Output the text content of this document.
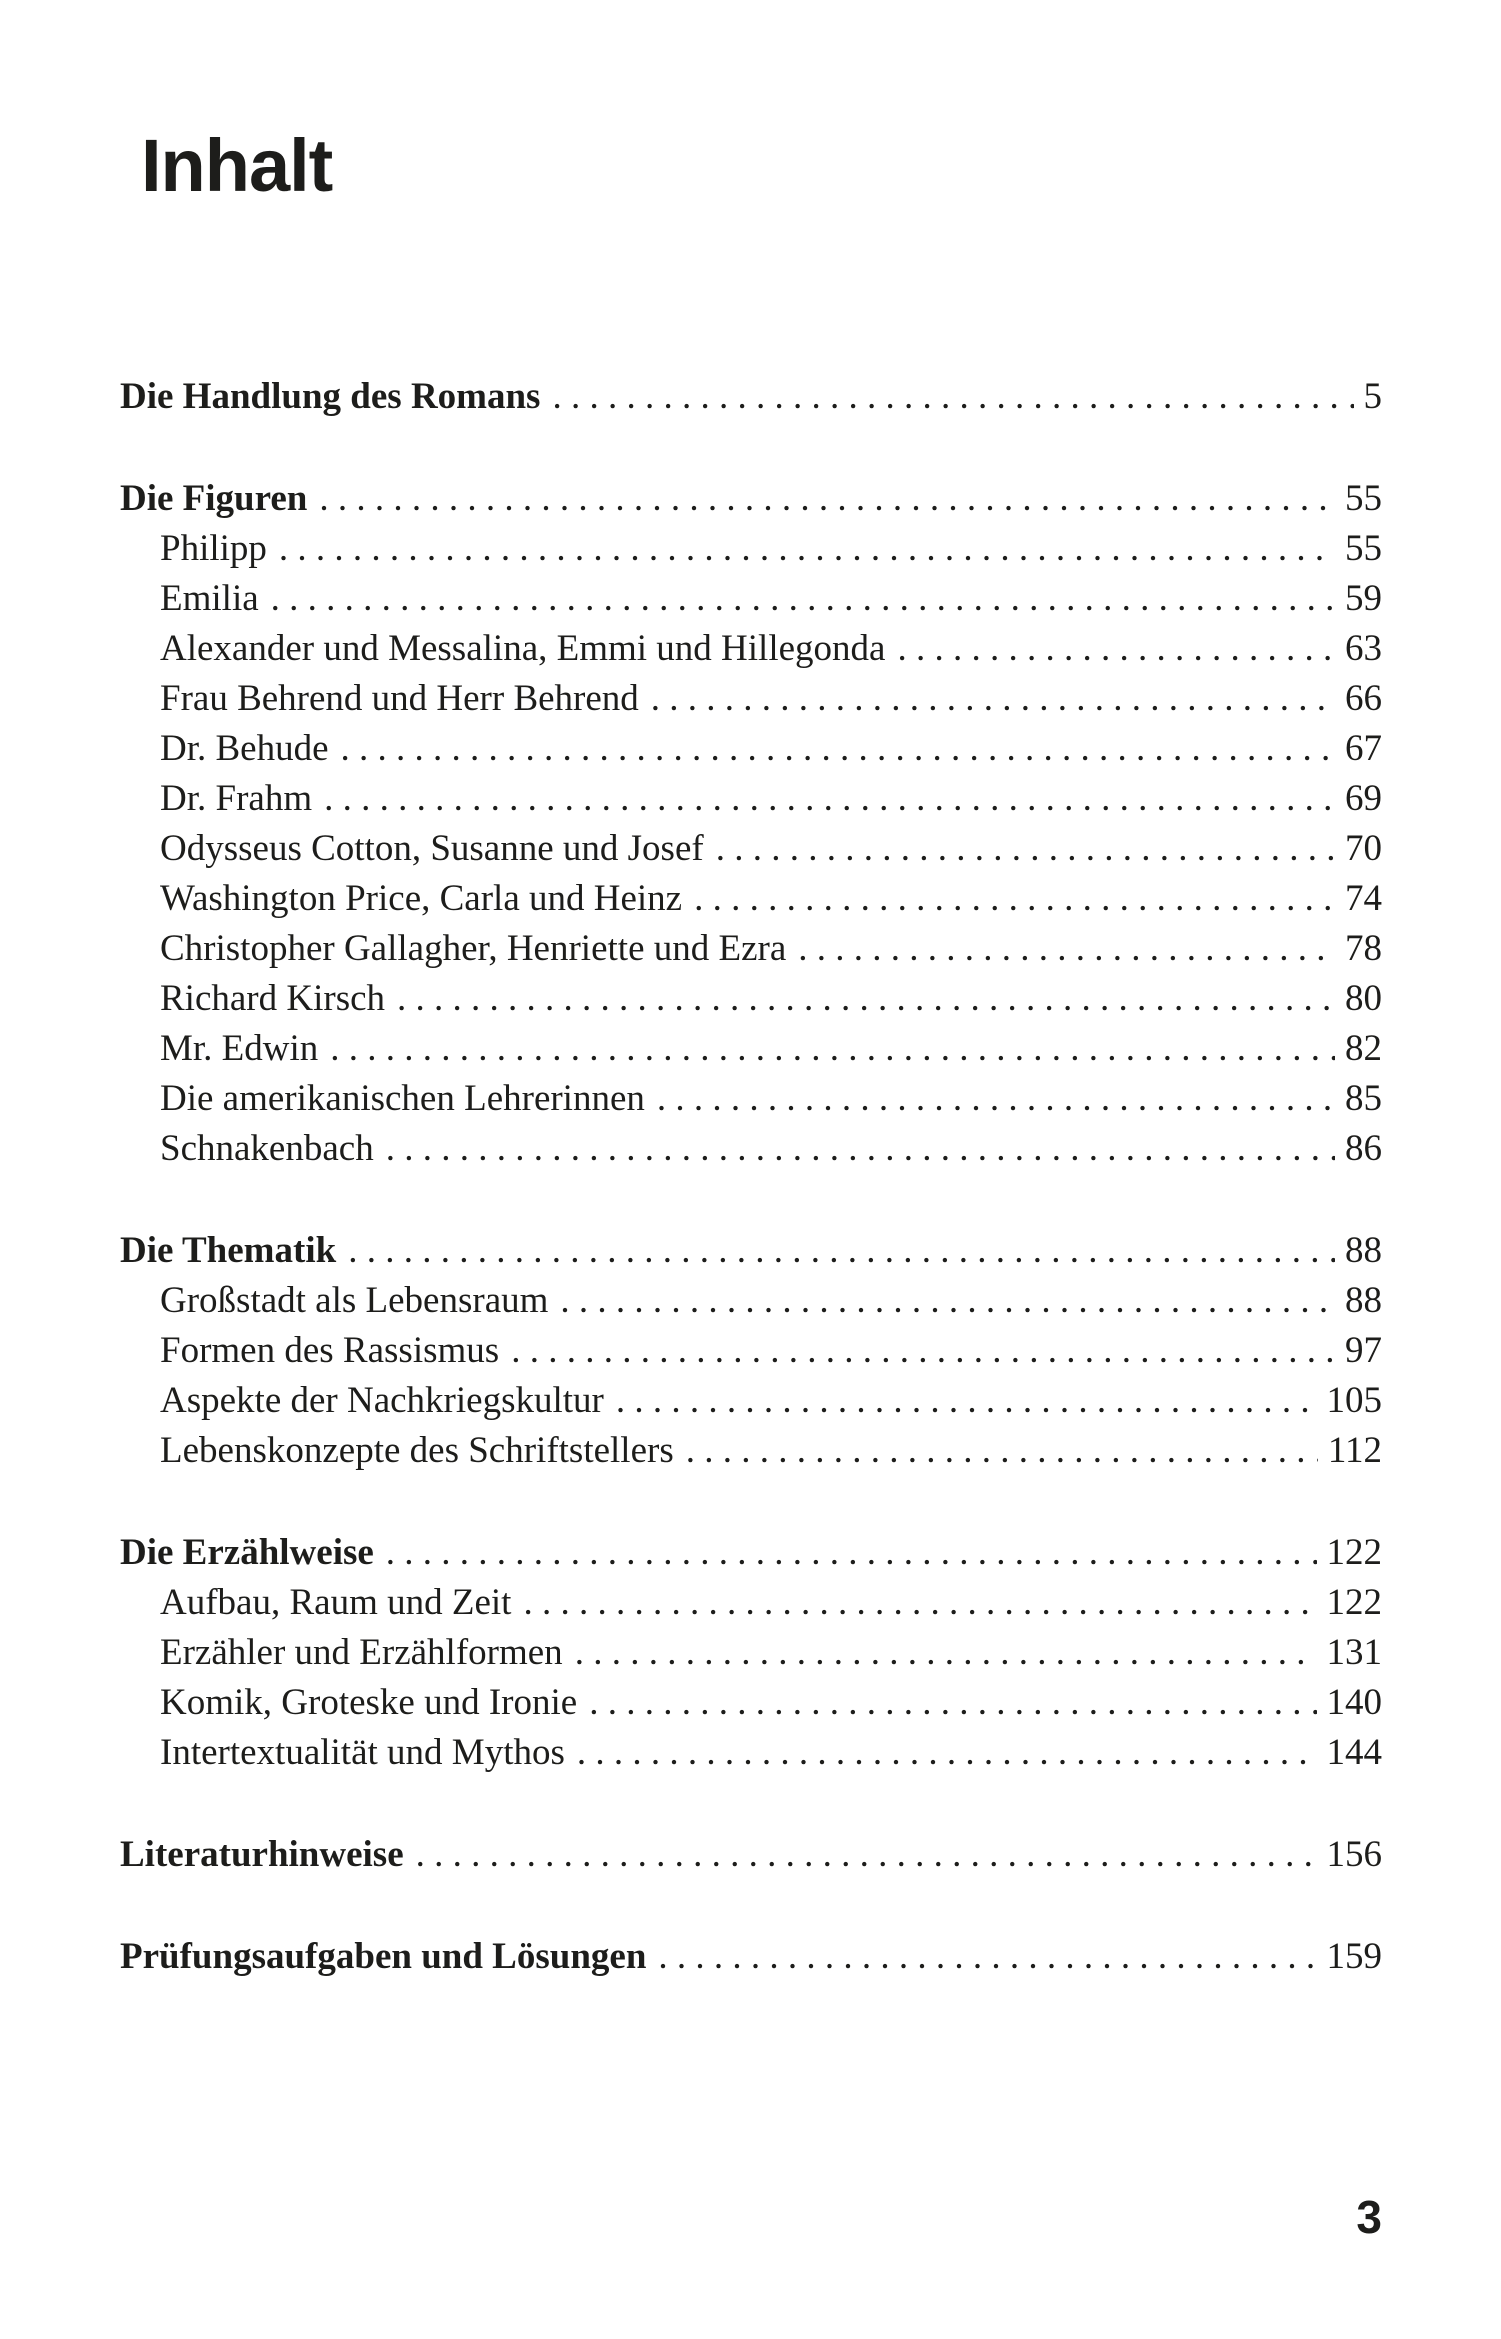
Inhalt
Die Handlung des Romans . . .	5
Die Figuren . . .	55
Philipp . . .	55
Emilia . . .	59
Alexander und Messalina, Emmi und Hillegonda . . .	63
Frau Behrend und Herr Behrend . . .	66
Dr. Behude . . .	67
Dr. Frahm . . .	69
Odysseus Cotton, Susanne und Josef . . .	70
Washington Price, Carla und Heinz . . .	74
Christopher Gallagher, Henriette und Ezra . . .	78
Richard Kirsch . . .	80
Mr. Edwin . . .	82
Die amerikanischen Lehrerinnen . . .	85
Schnakenbach . . .	86
Die Thematik . . .	88
Großstadt als Lebensraum . . .	88
Formen des Rassismus . . .	97
Aspekte der Nachkriegskultur . . .	105
Lebenskonzepte des Schriftstellers . . .	112
Die Erzählweise . . .	122
Aufbau, Raum und Zeit . . .	122
Erzähler und Erzählformen . . .	131
Komik, Groteske und Ironie . . .	140
Intertextualität und Mythos . . .	144
Literaturhinweise . . .	156
Prüfungsaufgaben und Lösungen . . .	159
3
